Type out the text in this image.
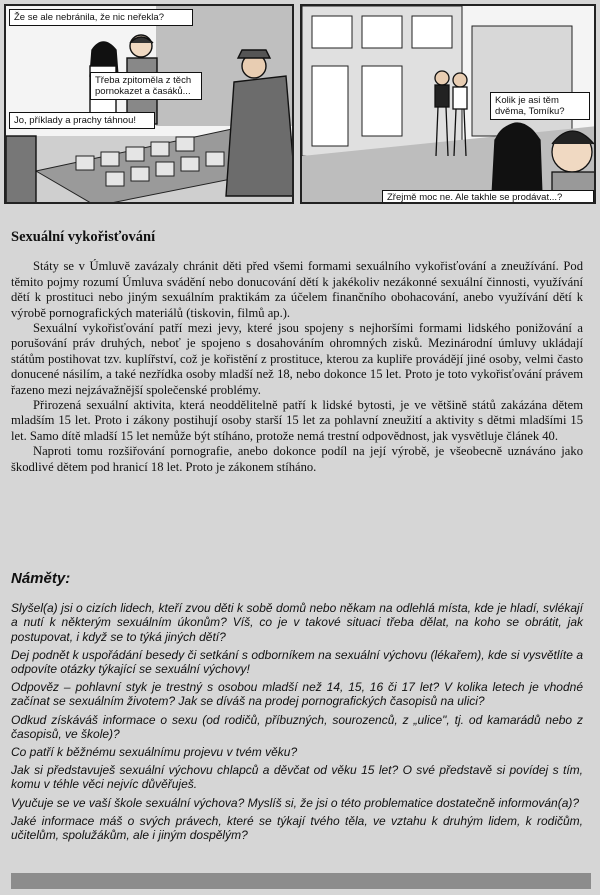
Že se ale nebránila, že nic neřekla?
Třeba zpitoměla z těch pornokazet a časáků...
Jo, příklady a prachy táhnou!
Kolik je asi těm dvěma, Tomíku?
Zřejmě moc ne. Ale takhle se prodávat...?
Sexuální vykořisťování

Státy se v Úmluvě zavázaly chránit děti před všemi formami sexuálního vykořisťování a zneužívání. Pod těmito pojmy rozumí Úmluva svádění nebo donucování dětí k jakékoliv nezákonné sexuální činnosti, využívání dětí k prostituci nebo jiným sexuálním praktikám za účelem finančního obohacování, anebo využívání dětí k výrobě pornografických materiálů (tiskovin, filmů ap.).

Sexuální vykořisťování patří mezi jevy, které jsou spojeny s nejhoršími formami lidského ponižování a porušování práv druhých, neboť je spojeno s dosahováním ohromných zisků. Mezinárodní úmluvy ukládají státům postihovat tzv. kuplířství, což je kořistění z prostituce, kterou za kupliře provádějí jiné osoby, velmi často donucené násilím, a také nezřídka osoby mladší než 18, nebo dokonce 15 let. Proto je toto vykořisťování právem řazeno mezi nejzávažnější společenské problémy.

Přirozená sexuální aktivita, která neoddělitelně patří k lidské bytosti, je ve většině států zakázána dětem mladším 15 let. Proto i zákony postihují osoby starší 15 let za pohlavní zneužití a aktivity s dětmi mladšími 15 let. Samo dítě mladší 15 let nemůže být stíháno, protože nemá trestní odpovědnost, jak vysvětluje článek 40.

Naproti tomu rozšiřování pornografie, anebo dokonce podíl na její výrobě, je všeobecně uznáváno jako škodlivé dětem pod hranicí 18 let. Proto je zákonem stíháno.

Náměty:
Slyšel(a) jsi o cizích lidech, kteří zvou děti k sobě domů nebo někam na odlehlá místa, kde je hladí, svlékají a nutí k některým sexuálním úkonům? Víš, co je v takové situaci třeba dělat, na koho se obrátit, jak postupovat, i když se to týká jiných dětí?
Dej podnět k uspořádání besedy či setkání s odborníkem na sexuální výchovu (lékařem), kde si vysvětlíte a odpovíte otázky týkající se sexuální výchovy!
Odpověz – pohlavní styk je trestný s osobou mladší než 14, 15, 16 či 17 let? V kolika letech je vhodné začínat se sexuálním životem? Jak se díváš na prodej pornografických časopisů na ulici?
Odkud získáváš informace o sexu (od rodičů, příbuzných, sourozenců, z „ulice", tj. od kamarádů nebo z časopisů, ve škole)?
Co patří k běžnému sexuálnímu projevu v tvém věku?
Jak si představuješ sexuální výchovu chlapců a děvčat od věku 15 let? O své představě si povídej s tím, komu v téhle věci nejvíc důvěřuješ.
Vyučuje se ve vaší škole sexuální výchova? Myslíš si, že jsi o této problematice dostatečně informován(a)?
Jaké informace máš o svých právech, které se týkají tvého těla, ve vztahu k druhým lidem, k rodičům, učitelům, spolužákům, ale i jiným dospělým?
